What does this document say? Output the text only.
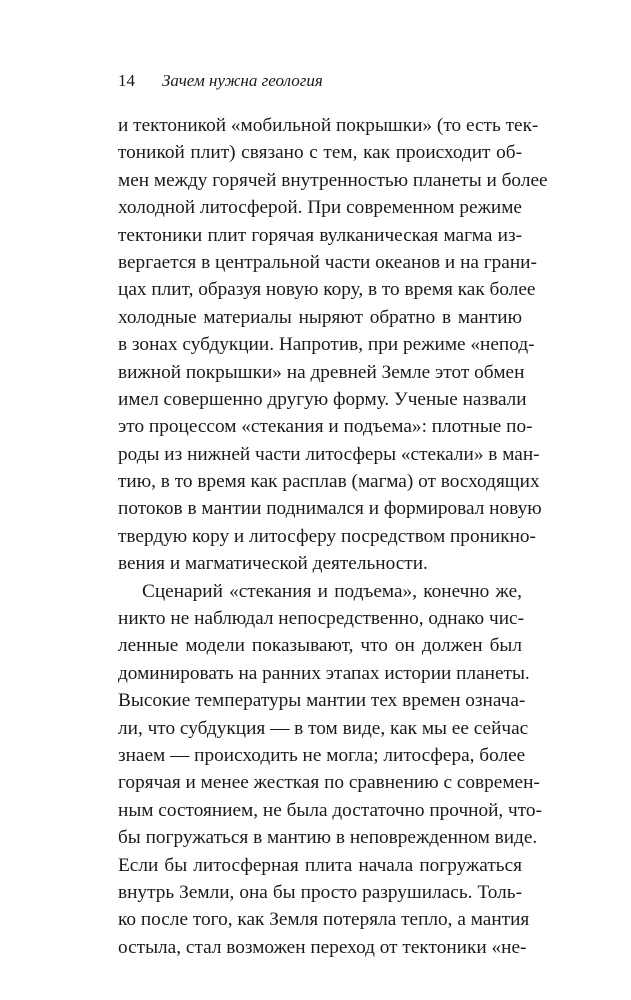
14 Зачем нужна геология
и тектоникой «мобильной покрышки» (то есть тек-
тоникой плит) связано с тем, как происходит об-
мен между горячей внутренностью планеты и более
холодной литосферой. При современном режиме
тектоники плит горячая вулканическая магма из-
вергается в центральной части океанов и на грани-
цах плит, образуя новую кору, в то время как более
холодные материалы ныряют обратно в мантию
в зонах субдукции. Напротив, при режиме «непод-
вижной покрышки» на древней Земле этот обмен
имел совершенно другую форму. Ученые назвали
это процессом «стекания и подъема»: плотные по-
роды из нижней части литосферы «стекали» в ман-
тию, в то время как расплав (магма) от восходящих
потоков в мантии поднимался и формировал новую
твердую кору и литосферу посредством проникно-
вения и магматической деятельности.
Сценарий «стекания и подъема», конечно же,
никто не наблюдал непосредственно, однако чис-
ленные модели показывают, что он должен был
доминировать на ранних этапах истории планеты.
Высокие температуры мантии тех времен означа-
ли, что субдукция — в том виде, как мы ее сейчас
знаем — происходить не могла; литосфера, более
горячая и менее жесткая по сравнению с современ-
ным состоянием, не была достаточно прочной, что-
бы погружаться в мантию в неповрежденном виде.
Если бы литосферная плита начала погружаться
внутрь Земли, она бы просто разрушилась. Толь-
ко после того, как Земля потеряла тепло, а мантия
остыла, стал возможен переход от тектоники «не-
